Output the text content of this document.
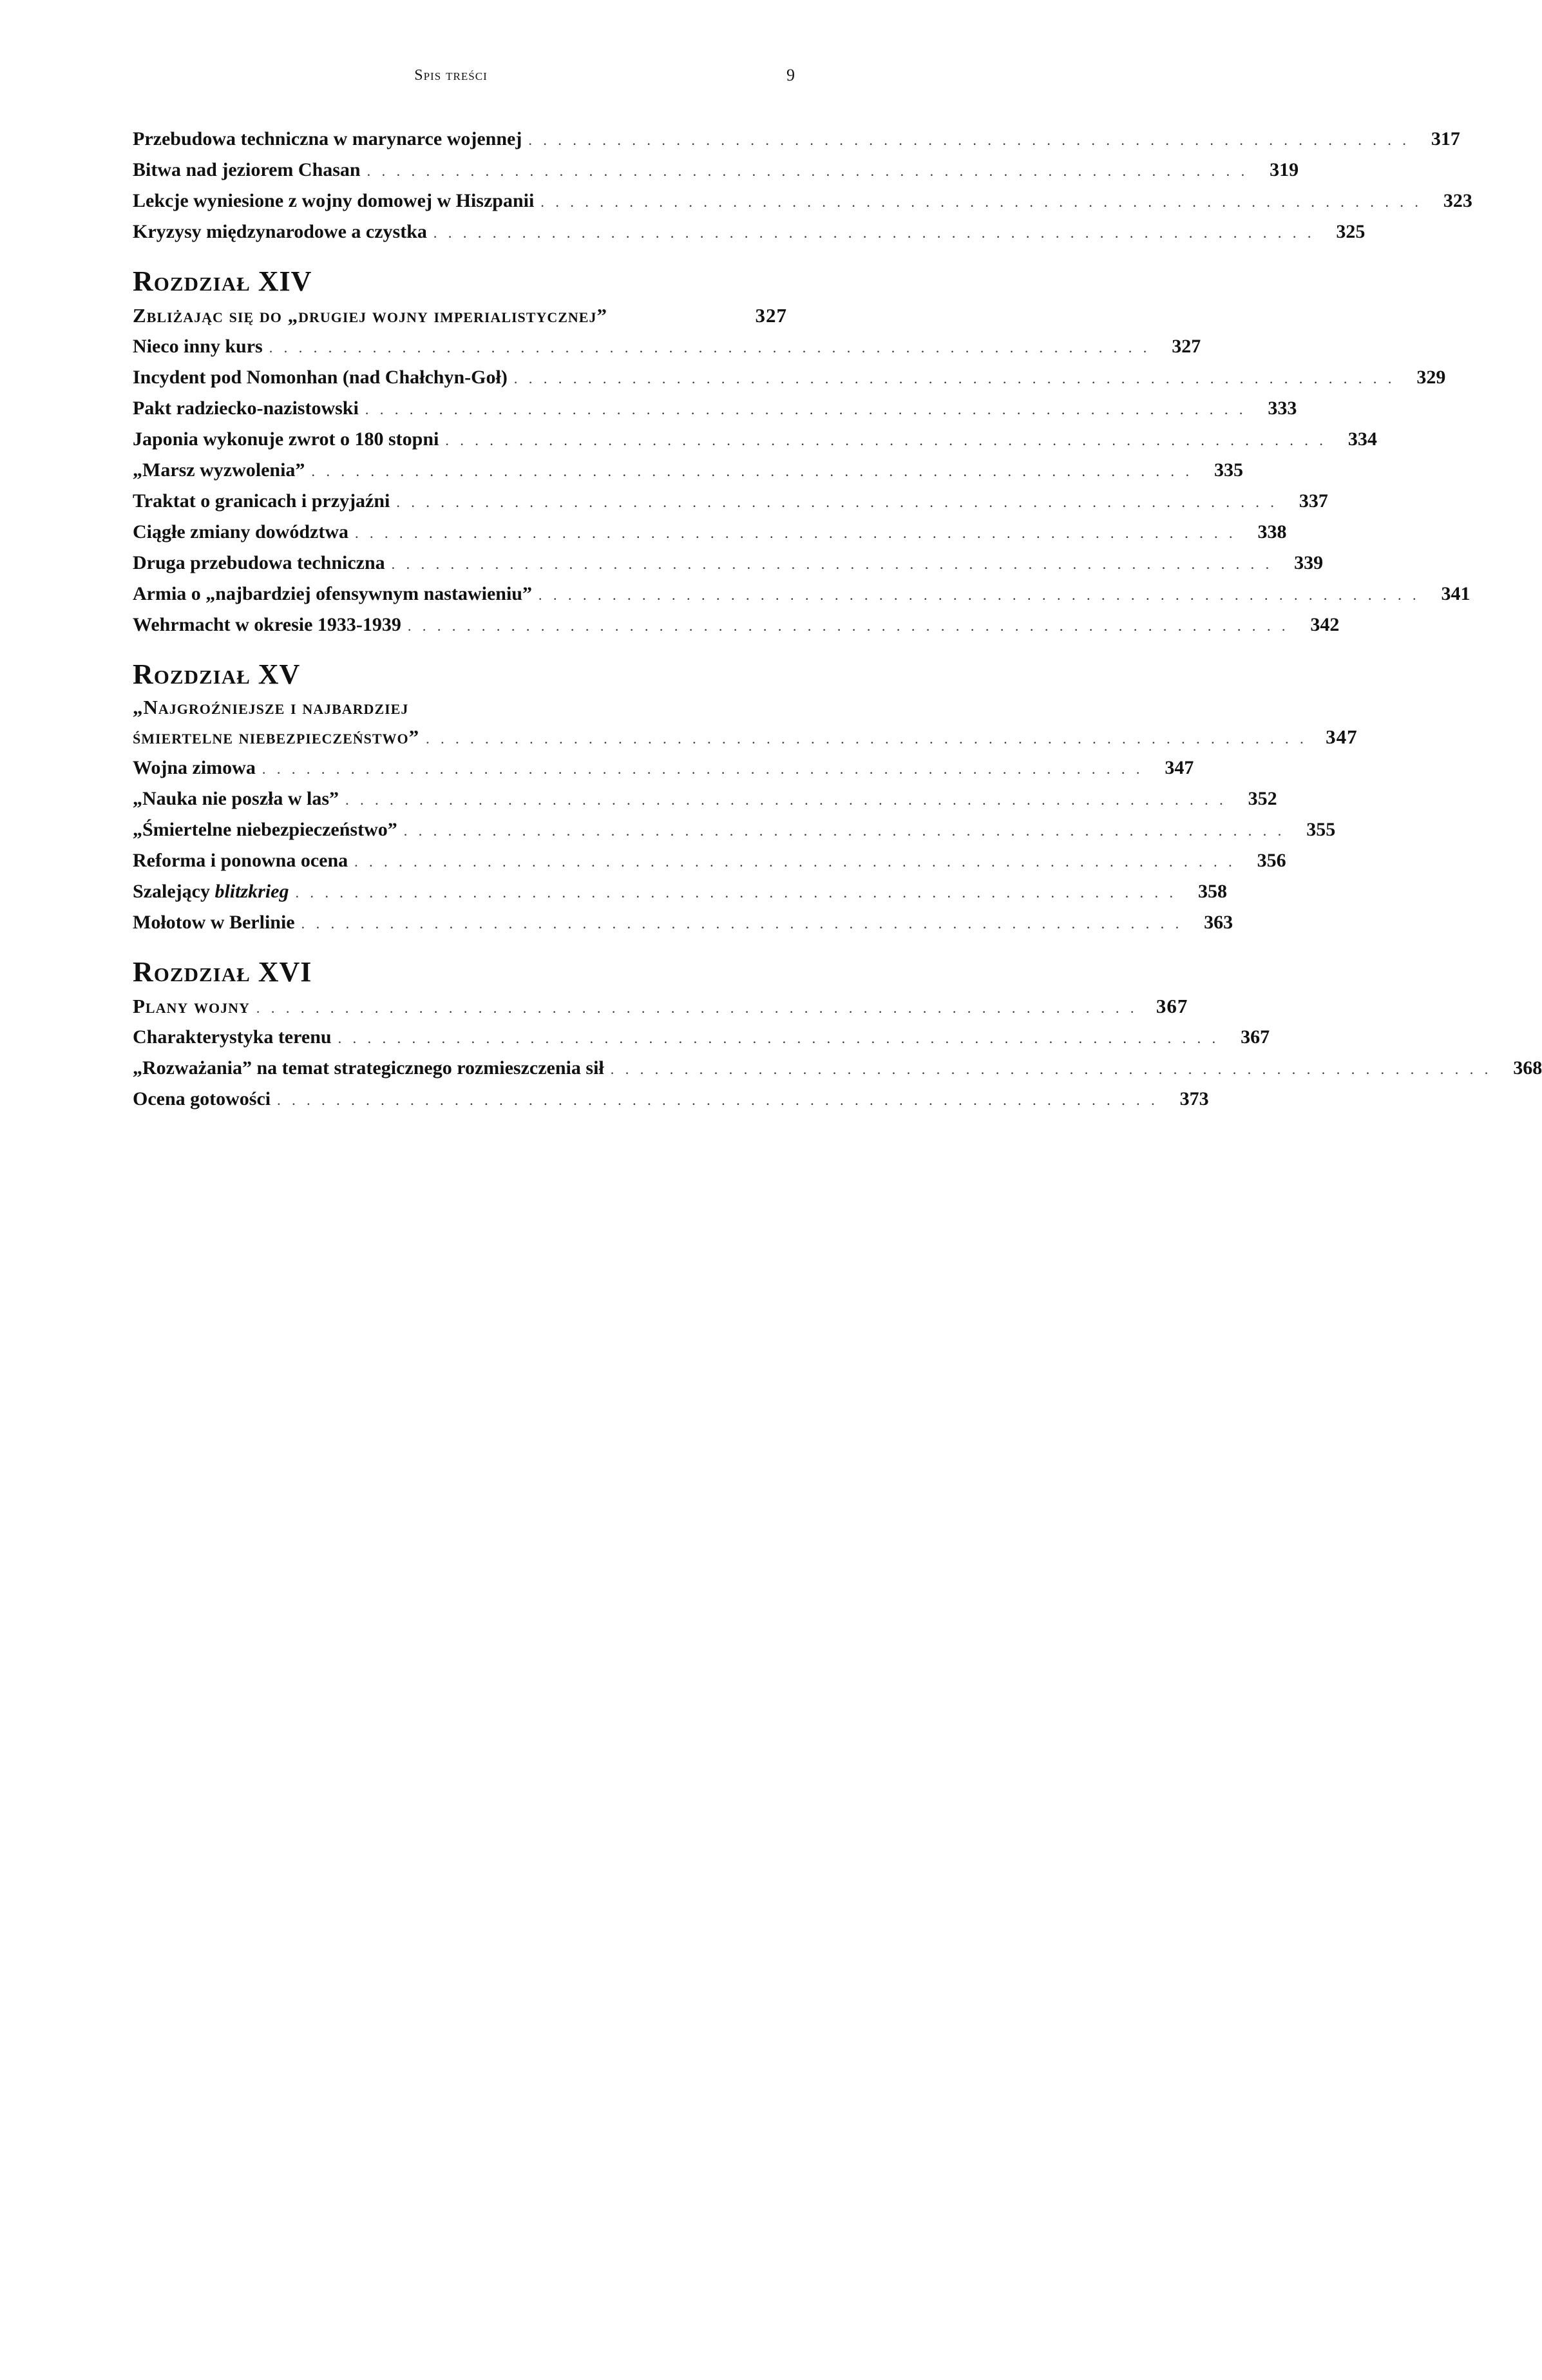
Spis treści	9
Przebudowa techniczna w marynarce wojennej . . . . . . . . . . . . . . . . . . . . . . . . . . . . . . . . . . . . . . . . . . . . . . . . . . . . . . . . . . . .	317
Bitwa nad jeziorem Chasan . . . . . . . . . . . . . . . . . . . . . . . . . . . . . . . . . . . . . . . . . . . . . . . . . . . . . . . . . . . .	319
Lekcje wyniesione z wojny domowej w Hiszpanii . . . . . . . . . . . . . . . . . . . . . . . . . . . . . . . . . . . . . . . . . . . . . . . . . . . . . . . . . . . .	323
Kryzysy międzynarodowe a czystka . . . . . . . . . . . . . . . . . . . . . . . . . . . . . . . . . . . . . . . . . . . . . . . . . . . . . . . . . . . .	325
Rozdział XIV
Zbliżając się do „drugiej wojny imperialistycznej”	327
Nieco inny kurs . . . . . . . . . . . . . . . . . . . . . . . . . . . . . . . . . . . . . . . . . . . . . . . . . . . . . . . . . . . .	327
Incydent pod Nomonhan (nad Chałchyn-Goł) . . . . . . . . . . . . . . . . . . . . . . . . . . . . . . . . . . . . . . . . . . . . . . . . . . . . . . . . . . . .	329
Pakt radziecko-nazistowski . . . . . . . . . . . . . . . . . . . . . . . . . . . . . . . . . . . . . . . . . . . . . . . . . . . . . . . . . . . .	333
Japonia wykonuje zwrot o 180 stopni . . . . . . . . . . . . . . . . . . . . . . . . . . . . . . . . . . . . . . . . . . . . . . . . . . . . . . . . . . . .	334
„Marsz wyzwolenia” . . . . . . . . . . . . . . . . . . . . . . . . . . . . . . . . . . . . . . . . . . . . . . . . . . . . . . . . . . . .	335
Traktat o granicach i przyjaźni . . . . . . . . . . . . . . . . . . . . . . . . . . . . . . . . . . . . . . . . . . . . . . . . . . . . . . . . . . . .	337
Ciągłe zmiany dowództwa . . . . . . . . . . . . . . . . . . . . . . . . . . . . . . . . . . . . . . . . . . . . . . . . . . . . . . . . . . . .	338
Druga przebudowa techniczna . . . . . . . . . . . . . . . . . . . . . . . . . . . . . . . . . . . . . . . . . . . . . . . . . . . . . . . . . . . .	339
Armia o „najbardziej ofensywnym nastawieniu” . . . . . . . . . . . . . . . . . . . . . . . . . . . . . . . . . . . . . . . . . . . . . . . . . . . . . . . . . . . .	341
Wehrmacht w okresie 1933-1939 . . . . . . . . . . . . . . . . . . . . . . . . . . . . . . . . . . . . . . . . . . . . . . . . . . . . . . . . . . . .	342
Rozdział XV
„Najgroźniejsze i najbardziej
śmiertelne niebezpieczeństwo” . . . . . . . . . . . . . . . . . . . . . . . . . . . . . . . . . . . . . . . . . . . . . . . . . . . . . . . . . . . . 347
Wojna zimowa . . . . . . . . . . . . . . . . . . . . . . . . . . . . . . . . . . . . . . . . . . . . . . . . . . . . . . . . . . . .	347
„Nauka nie poszła w las” . . . . . . . . . . . . . . . . . . . . . . . . . . . . . . . . . . . . . . . . . . . . . . . . . . . . . . . . . . . .	352
„Śmiertelne niebezpieczeństwo” . . . . . . . . . . . . . . . . . . . . . . . . . . . . . . . . . . . . . . . . . . . . . . . . . . . . . . . . . . . .	355
Reforma i ponowna ocena . . . . . . . . . . . . . . . . . . . . . . . . . . . . . . . . . . . . . . . . . . . . . . . . . . . . . . . . . . . .	356
Szalejący blitzkrieg . . . . . . . . . . . . . . . . . . . . . . . . . . . . . . . . . . . . . . . . . . . . . . . . . . . . . . . . . . . .	358
Mołotow w Berlinie . . . . . . . . . . . . . . . . . . . . . . . . . . . . . . . . . . . . . . . . . . . . . . . . . . . . . . . . . . . .	363
Rozdział XVI
Plany wojny . . . . . . . . . . . . . . . . . . . . . . . . . . . . . . . . . . . . . . . . . . . . . . . . . . . . . . . . . . . . 367
Charakterystyka terenu . . . . . . . . . . . . . . . . . . . . . . . . . . . . . . . . . . . . . . . . . . . . . . . . . . . . . . . . . . . .	367
„Rozważania” na temat strategicznego rozmieszczenia sił . . . . . . . . . . . . . . . . . . . . . . . . . . . . . . . . . . . . . . . . . . . . . . . . . . . . . . . . . . . .	368
Ocena gotowości . . . . . . . . . . . . . . . . . . . . . . . . . . . . . . . . . . . . . . . . . . . . . . . . . . . . . . . . . . . .	373
